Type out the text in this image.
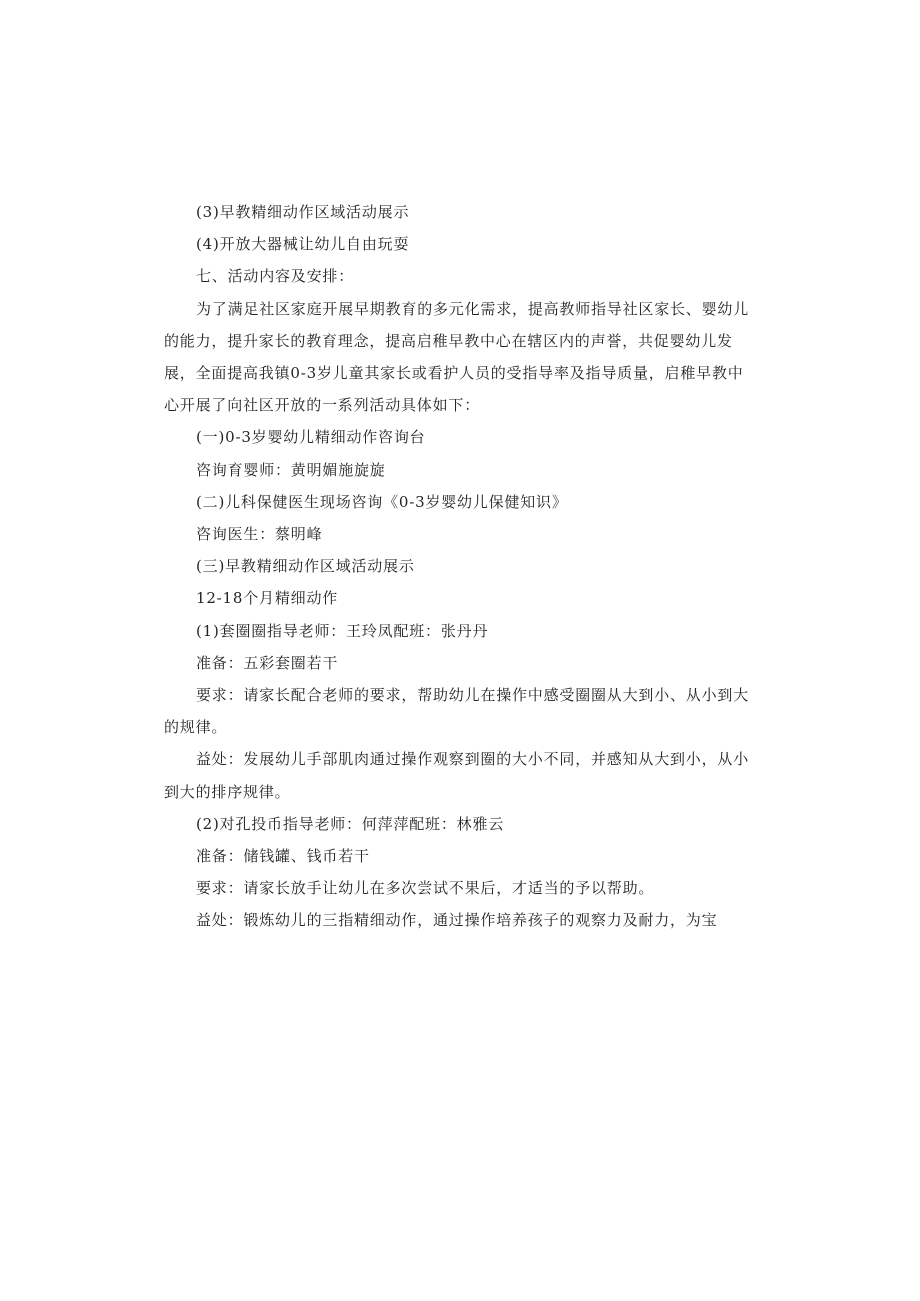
(3)早教精细动作区域活动展示

(4)开放大器械让幼儿自由玩耍

七、活动内容及安排：

为了满足社区家庭开展早期教育的多元化需求，提高教师指导社区家长、婴幼儿的能力，提升家长的教育理念，提高启稚早教中心在辖区内的声誉，共促婴幼儿发展，全面提高我镇0-3岁儿童其家长或看护人员的受指导率及指导质量，启稚早教中心开展了向社区开放的一系列活动具体如下：

(一)0-3岁婴幼儿精细动作咨询台

咨询育婴师：黄明媚施旋旋

(二)儿科保健医生现场咨询《0-3岁婴幼儿保健知识》

咨询医生：蔡明峰

(三)早教精细动作区域活动展示

12-18个月精细动作

(1)套圈圈指导老师：王玲凤配班：张丹丹

准备：五彩套圈若干

要求：请家长配合老师的要求，帮助幼儿在操作中感受圈圈从大到小、从小到大的规律。

益处：发展幼儿手部肌肉通过操作观察到圈的大小不同，并感知从大到小，从小到大的排序规律。

(2)对孔投币指导老师：何萍萍配班：林雅云

准备：储钱罐、钱币若干

要求：请家长放手让幼儿在多次尝试不果后，才适当的予以帮助。

益处：锻炼幼儿的三指精细动作，通过操作培养孩子的观察力及耐力，为宝
